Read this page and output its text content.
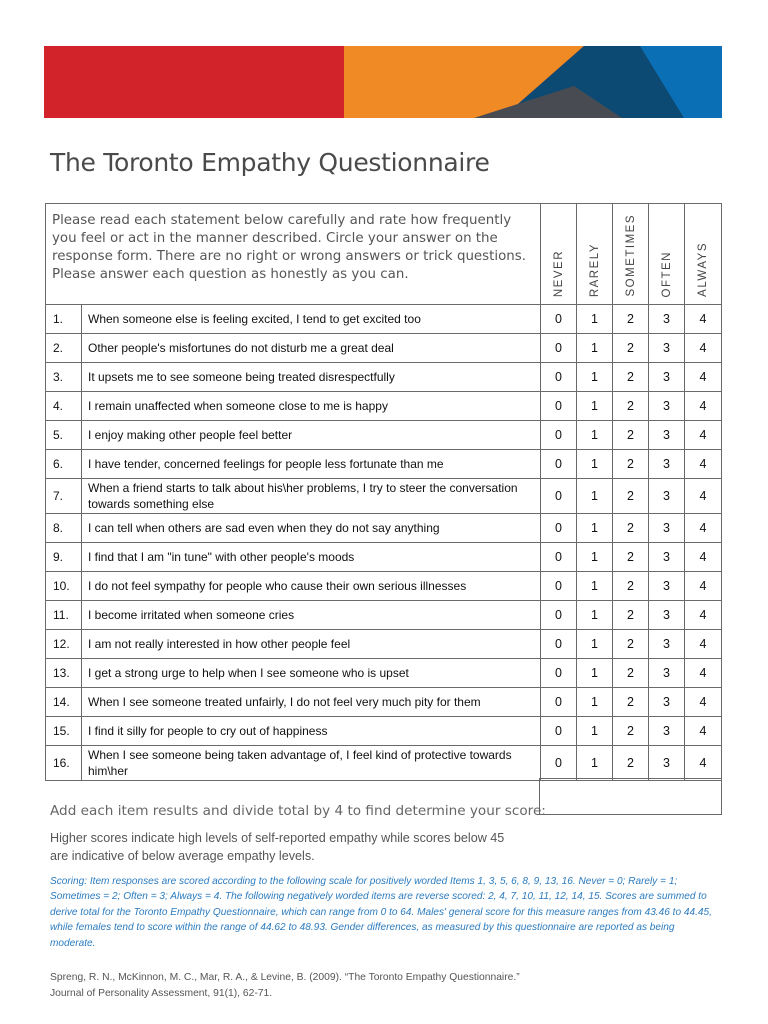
The Toronto Empathy Questionnaire
Please read each statement below carefully and rate how frequently you feel or act in the manner described. Circle your answer on the response form. There are no right or wrong answers or trick questions. Please answer each question as honestly as you can.		NEVER	RARELY	SOMETIMES	OFTEN	ALWAYS

1.	When someone else is feeling excited, I tend to get excited too	0	1	2	3	4
2.	Other people's misfortunes do not disturb me a great deal	0	1	2	3	4
3.	It upsets me to see someone being treated disrespectfully	0	1	2	3	4
4.	I remain unaffected when someone close to me is happy	0	1	2	3	4
5.	I enjoy making other people feel better	0	1	2	3	4
6.	I have tender, concerned feelings for people less fortunate than me	0	1	2	3	4
7.	When a friend starts to talk about his\her problems, I try to steer the conversation towards something else	0	1	2	3	4
8.	I can tell when others are sad even when they do not say anything	0	1	2	3	4
9.	I find that I am "in tune" with other people's moods	0	1	2	3	4
10.	I do not feel sympathy for people who cause their own serious illnesses	0	1	2	3	4
11.	I become irritated when someone cries	0	1	2	3	4
12.	I am not really interested in how other people feel	0	1	2	3	4
13.	I get a strong urge to help when I see someone who is upset	0	1	2	3	4
14.	When I see someone treated unfairly, I do not feel very much pity for them	0	1	2	3	4
15.	I find it silly for people to cry out of happiness	0	1	2	3	4
16.	When I see someone being taken advantage of, I feel kind of protective towards him\her	0	1	2	3	4

Add each item results and divide total by 4 to find determine your score:

Higher scores indicate high levels of self-reported empathy while scores below 45 are indicative of below average empathy levels.

Scoring: Item responses are scored according to the following scale for positively worded Items 1, 3, 5, 6, 8, 9, 13, 16. Never = 0; Rarely = 1; Sometimes = 2; Often = 3; Always = 4. The following negatively worded items are reverse scored: 2, 4, 7, 10, 11, 12, 14, 15. Scores are summed to derive total for the Toronto Empathy Questionnaire, which can range from 0 to 64. Males' general score for this measure ranges from 43.46 to 44.45, while females tend to score within the range of 44.62 to 48.93. Gender differences, as measured by this questionnaire are reported as being moderate.

Spreng, R. N., McKinnon, M. C., Mar, R. A., & Levine, B. (2009). “The Toronto Empathy Questionnaire.”
Journal of Personality Assessment, 91(1), 62-71.
